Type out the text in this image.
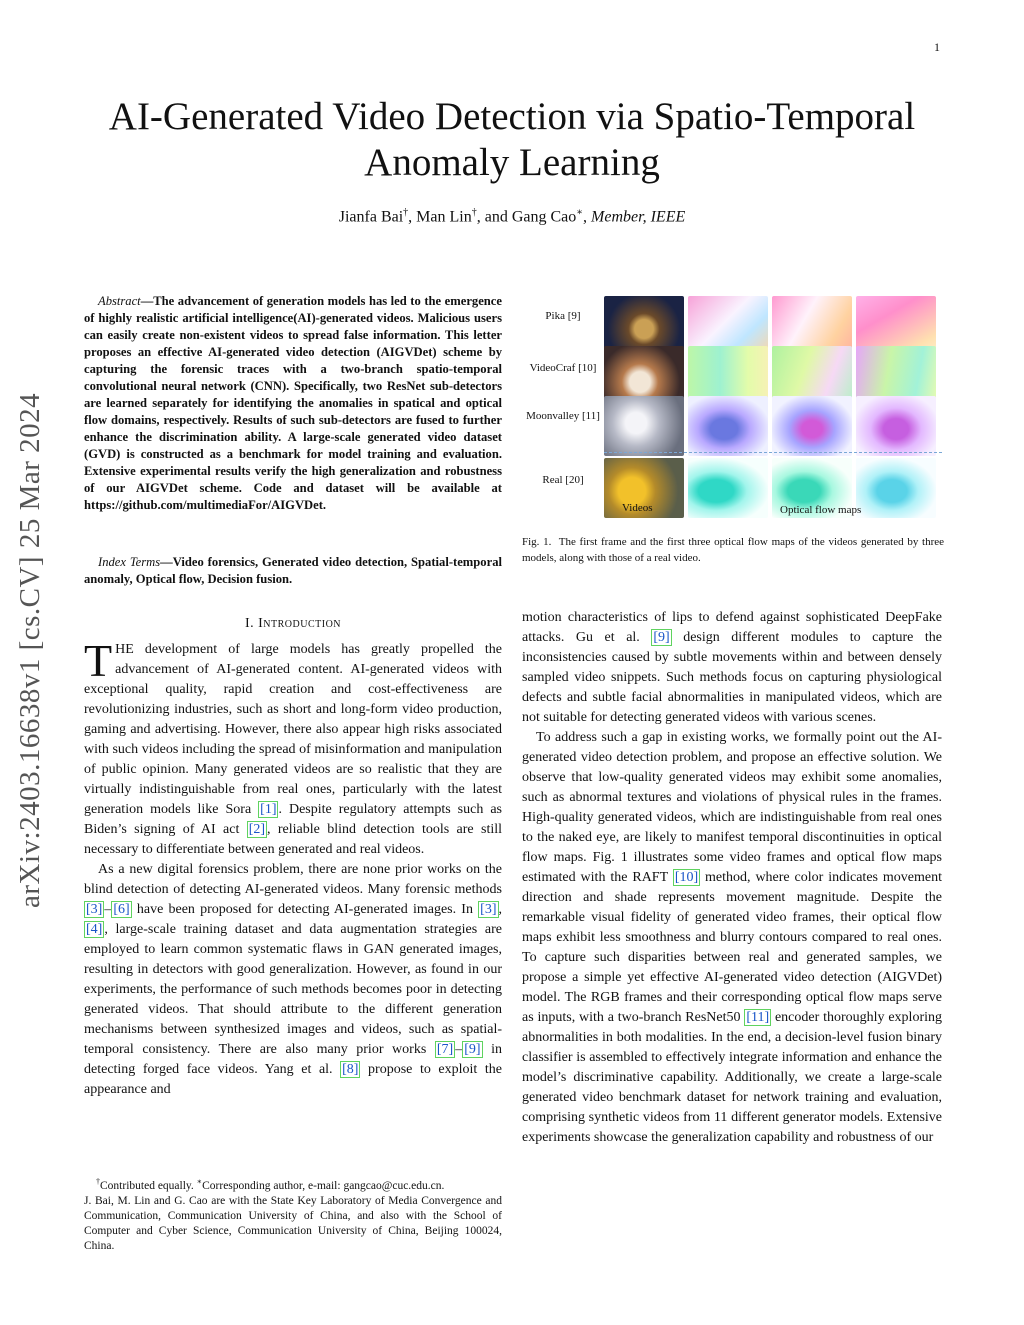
1
arXiv:2403.16638v1 [cs.CV] 25 Mar 2024
AI-Generated Video Detection via Spatio-Temporal
Anomaly Learning
Jianfa Bai†, Man Lin†, and Gang Cao∗, Member, IEEE

Abstract—The advancement of generation models has led to the emergence of highly realistic artificial intelligence(AI)-generated videos. Malicious users can easily create non-existent videos to spread false information. This letter proposes an effective AI-generated video detection (AIGVDet) scheme by capturing the forensic traces with a two-branch spatio-temporal convolutional neural network (CNN). Specifically, two ResNet sub-detectors are learned separately for identifying the anomalies in spatical and optical flow domains, respectively. Results of such sub-detectors are fused to further enhance the discrimination ability. A large-scale generated video dataset (GVD) is constructed as a benchmark for model training and evaluation. Extensive experimental results verify the high generalization and robustness of our AIGVDet scheme. Code and dataset will be available at https://github.com/multimediaFor/AIGVDet.

Index Terms—Video forensics, Generated video detection, Spatial-temporal anomaly, Optical flow, Decision fusion.

I. Introduction

THE development of large models has greatly propelled the advancement of AI-generated content. AI-generated videos with exceptional quality, rapid creation and cost-effectiveness are revolutionizing industries, such as short and long-form video production, gaming and advertising. However, there also appear high risks associated with such videos including the spread of misinformation and manipulation of public opinion. Many generated videos are so realistic that they are virtually indistinguishable from real ones, particularly with the latest generation models like Sora [1] . Despite regulatory attempts such as Biden’s signing of AI act [2] , reliable blind detection tools are still necessary to differentiate between generated and real videos.

As a new digital forensics problem, there are none prior works on the blind detection of detecting AI-generated videos. Many forensic methods [3] – [6] have been proposed for detecting AI-generated images. In [3] , [4] , large-scale training dataset and data augmentation strategies are employed to learn common systematic flaws in GAN generated images, resulting in detectors with good generalization. However, as found in our experiments, the performance of such methods becomes poor in detecting generated videos. That should attribute to the different generation mechanisms between synthesized images and videos, such as spatial-temporal consistency. There are also many prior works [7] – [9] in detecting forged face videos. Yang et al. [8] propose to exploit the appearance and

†Contributed equally. ∗Corresponding author, e-mail: gangcao@cuc.edu.cn.

J. Bai, M. Lin and G. Cao are with the State Key Laboratory of Media Convergence and Communication, Communication University of China, and also with the School of Computer and Cyber Science, Communication University of China, Beijing 100024, China.

Pika [9]
VideoCraf [10]
Moonvalley [11]
Real [20]
Videos	Optical flow maps
Fig. 1. The first frame and the first three optical flow maps of the videos generated by three models, along with those of a real video.

motion characteristics of lips to defend against sophisticated DeepFake attacks. Gu et al. [9] design different modules to capture the inconsistencies caused by subtle movements within and between densely sampled video snippets. Such methods focus on capturing physiological defects and subtle facial abnormalities in manipulated videos, which are not suitable for detecting generated videos with various scenes.

To address such a gap in existing works, we formally point out the AI-generated video detection problem, and propose an effective solution. We observe that low-quality generated videos may exhibit some anomalies, such as abnormal textures and violations of physical rules in the frames. High-quality generated videos, which are indistinguishable from real ones to the naked eye, are likely to manifest temporal discontinuities in optical flow maps. Fig. 1 illustrates some video frames and optical flow maps estimated with the RAFT [10] method, where color indicates movement direction and shade represents movement magnitude. Despite the remarkable visual fidelity of generated video frames, their optical flow maps exhibit less smoothness and blurry contours compared to real ones. To capture such disparities between real and generated samples, we propose a simple yet effective AI-generated video detection (AIGVDet) model. The RGB frames and their corresponding optical flow maps serve as inputs, with a two-branch ResNet50 [11] encoder thoroughly exploring abnormalities in both modalities. In the end, a decision-level fusion binary classifier is assembled to effectively integrate information and enhance the model’s discriminative capability. Additionally, we create a large-scale generated video benchmark dataset for network training and evaluation, comprising synthetic videos from 11 different generator models. Extensive experiments showcase the generalization capability and robustness of our
